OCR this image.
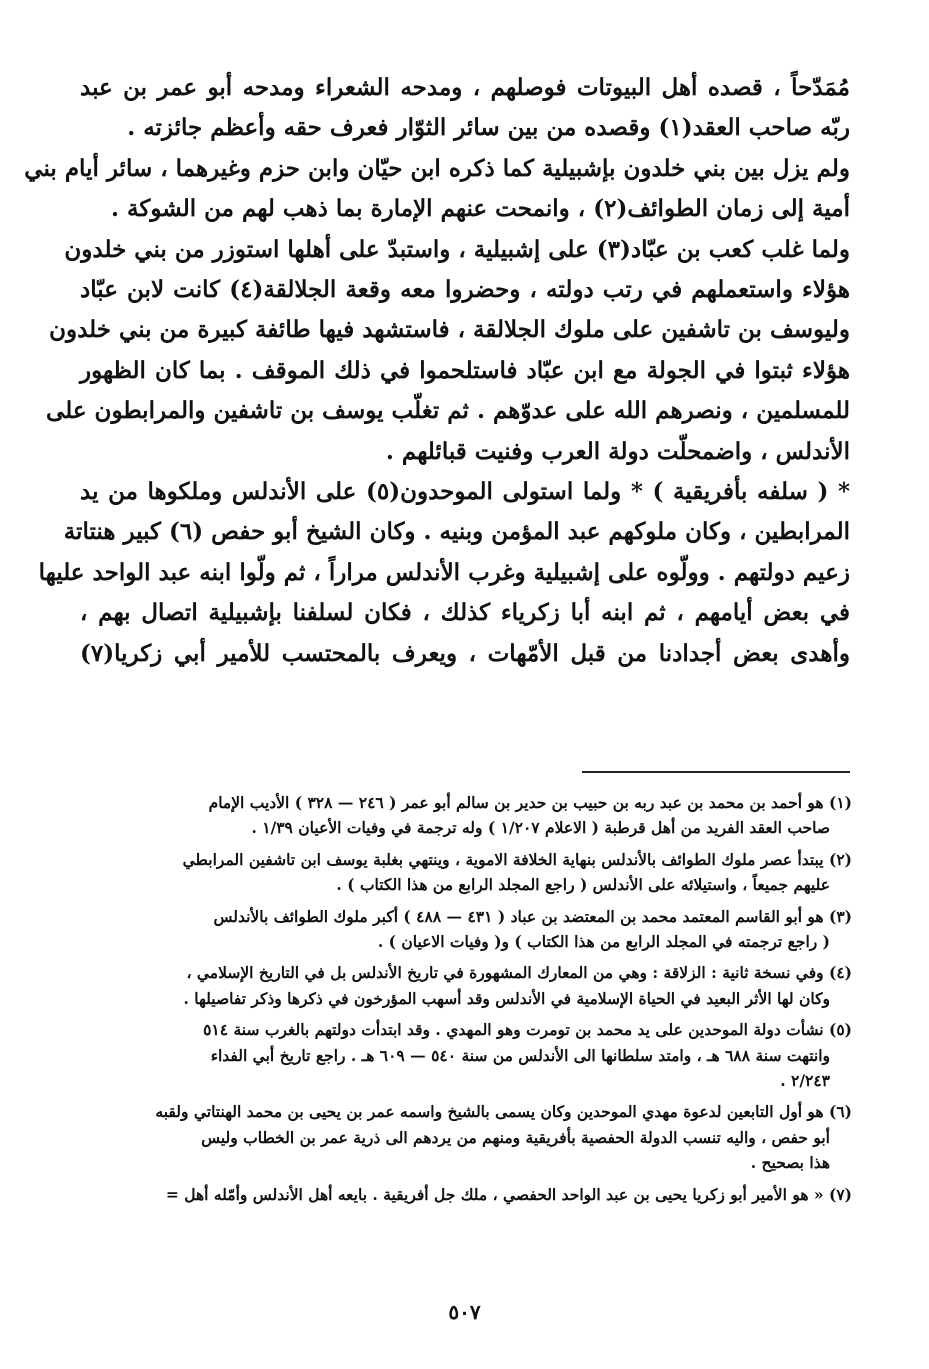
مُمَدّحاً ، قصده أهل البيوتات فوصلهم ، ومدحه الشعراء ومدحه أبو عمر بن عبد
ربّه صاحب العقد(١) وقصده من بين سائر الثوّار فعرف حقه وأعظم جائزته .
ولم يزل بين بني خلدون بإشبيلية كما ذكره ابن حيّان وابن حزم وغيرهما ، سائر أيام بني
أمية إلى زمان الطوائف(٢) ، وانمحت عنهم الإمارة بما ذهب لهم من الشوكة .
ولما غلب كعب بن عبّاد(٣) على إشبيلية ، واستبدّ على أهلها استوزر من بني خلدون
هؤلاء واستعملهم في رتب دولته ، وحضروا معه وقعة الجلالقة(٤) كانت لابن عبّاد
وليوسف بن تاشفين على ملوك الجلالقة ، فاستشهد فيها طائفة كبيرة من بني خلدون
هؤلاء ثبتوا في الجولة مع ابن عبّاد فاستلحموا في ذلك الموقف . بما كان الظهور
للمسلمين ، ونصرهم الله على عدوّهم . ثم تغلّب يوسف بن تاشفين والمرابطون على
الأندلس ، واضمحلّت دولة العرب وفنيت قبائلهم .
* ( سلفه بأفريقية ) * ولما استولى الموحدون(٥) على الأندلس وملكوها من يد
المرابطين ، وكان ملوكهم عبد المؤمن وبنيه . وكان الشيخ أبو حفص (٦) كبير هنتاتة
زعيم دولتهم . وولّوه على إشبيلية وغرب الأندلس مراراً ، ثم ولّوا ابنه عبد الواحد عليها
في بعض أيامهم ، ثم ابنه أبا زكرياء كذلك ، فكان لسلفنا بإشبيلية اتصال بهم ،
وأهدى بعض أجدادنا من قبل الأمّهات ، ويعرف بالمحتسب للأمير أبي زكريا(٧)
(١) هو أحمد بن محمد بن عبد ربه بن حبيب بن حدير بن سالم أبو عمر ( ٢٤٦ — ٣٢٨ ) الأديب الإمام
صاحب العقد الفريد من أهل قرطبة ( الاعلام ١/٢٠٧ ) وله ترجمة في وفيات الأعيان ١/٣٩ .
(٢) يبتدأ عصر ملوك الطوائف بالأندلس بنهاية الخلافة الاموية ، وينتهي بغلبة يوسف ابن تاشفين المرابطي
عليهم جميعاً ، واستيلائه على الأندلس ( راجع المجلد الرابع من هذا الكتاب ) .
(٣) هو أبو القاسم المعتمد محمد بن المعتضد بن عباد ( ٤٣١ — ٤٨٨ ) أكبر ملوك الطوائف بالأندلس
( راجع ترجمته في المجلد الرابع من هذا الكتاب ) و( وفيات الاعيان ) .
(٤) وفي نسخة ثانية : الزلاقة : وهي من المعارك المشهورة في تاريخ الأندلس بل في التاريخ الإسلامي ،
وكان لها الأثر البعيد في الحياة الإسلامية في الأندلس وقد أسهب المؤرخون في ذكرها وذكر تفاصيلها .
(٥) نشأت دولة الموحدين على يد محمد بن تومرت وهو المهدي . وقد ابتدأت دولتهم بالغرب سنة ٥١٤
وانتهت سنة ٦٨٨ هـ ، وامتد سلطانها الى الأندلس من سنة ٥٤٠ — ٦٠٩ هـ . راجع تاريخ أبي الفداء
٢/٢٤٣ .
(٦) هو أول التابعين لدعوة مهدي الموحدين وكان يسمى بالشيخ واسمه عمر بن يحيى بن محمد الهنتاتي ولقبه
أبو حفص ، واليه تنسب الدولة الحفصية بأفريقية ومنهم من يردهم الى ذرية عمر بن الخطاب وليس
هذا بصحيح .
(٧) « هو الأمير أبو زكريا يحيى بن عبد الواحد الحفصي ، ملك جل أفريقية . بايعه أهل الأندلس وأمّله أهل =
٥٠٧
